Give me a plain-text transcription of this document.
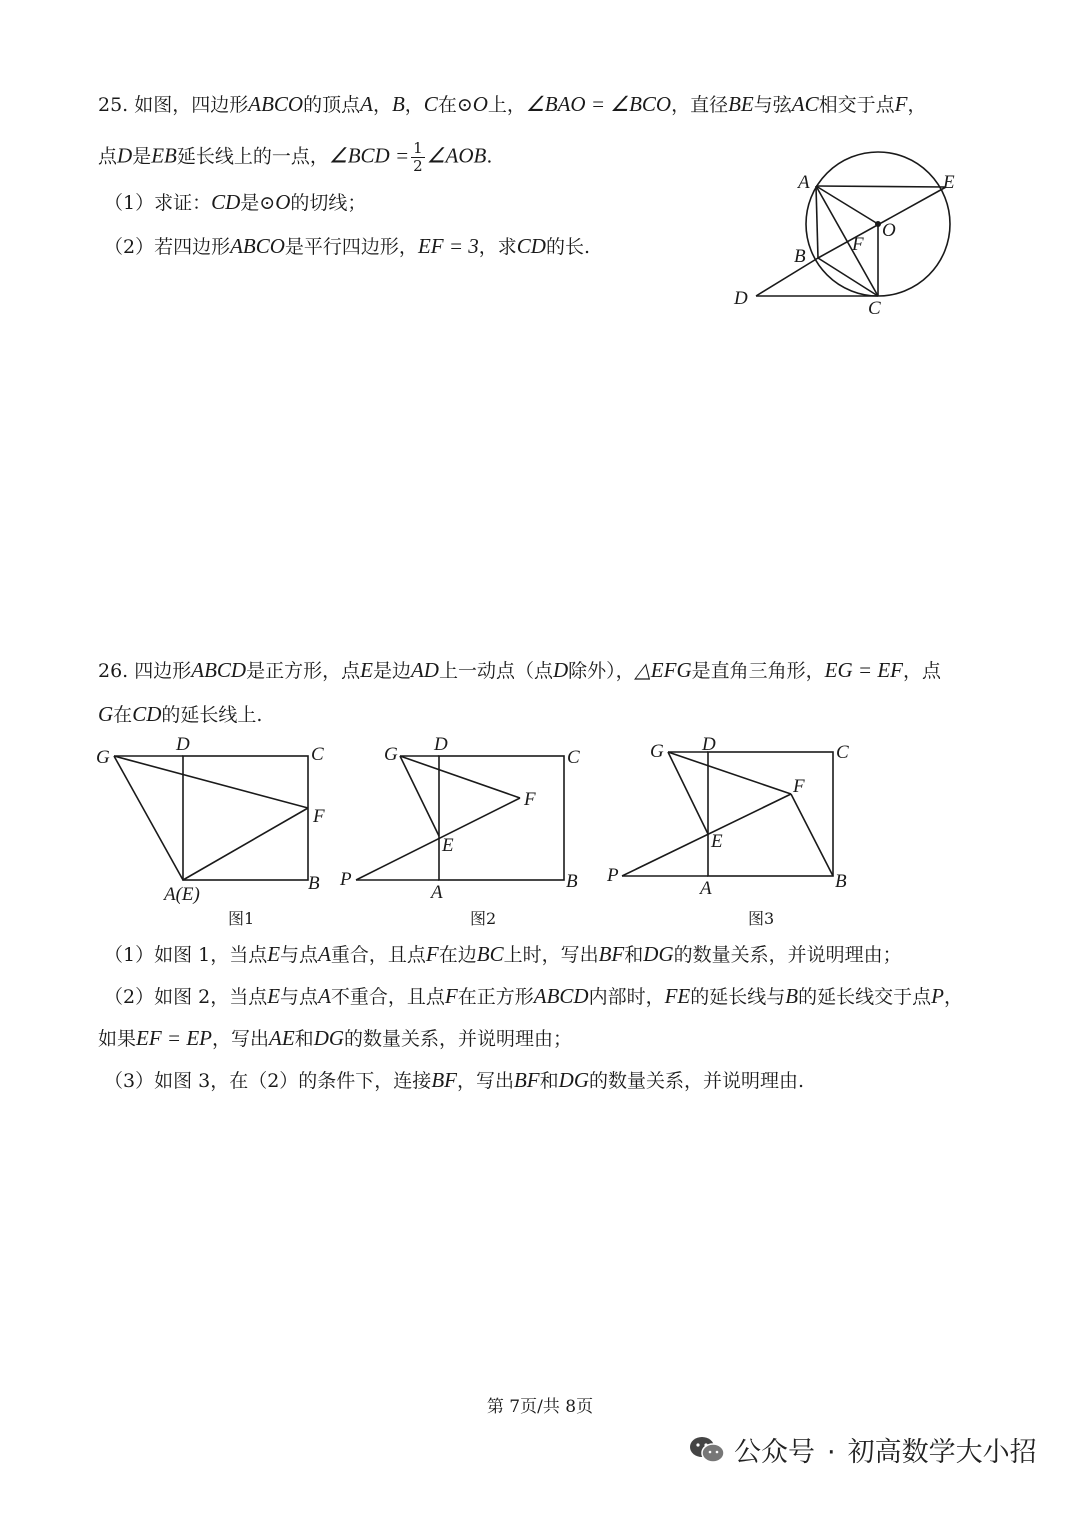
25. 如图，四边形ABCO的顶点A，B，C在⊙O上，∠BAO = ∠BCO，直径BE与弦AC相交于点F，
点D是EB延长线上的一点，∠BCD = $\frac{1}{2}$ ∠AOB.
（1）求证：CD是⊙O的切线；
（2）若四边形ABCO是平行四边形，EF = 3，求CD的长.
A	E
O
F
B
D	C
26. 四边形ABCD是正方形，点E是边AD上一动点（点D除外），△EFG是直角三角形，EG = EF，点
G在CD的延长线上.
G
D	C
F
A(E)
B
图1
G D
C
F
E
P
A
B
图2
G D	C
F
E
P
A	B
图3
（1）如图 1，当点E与点A重合，且点F在边BC上时，写出BF和DG的数量关系，并说明理由；
（2）如图 2，当点E与点A不重合，且点F在正方形ABCD内部时，FE的延长线与B的延长线交于点P，
如果EF = EP，写出AE和DG的数量关系，并说明理由；
（3）如图 3，在（2）的条件下，连接BF，写出BF和DG的数量关系，并说明理由.
第 7页/共 8页
公众号 · 初高数学大小招
